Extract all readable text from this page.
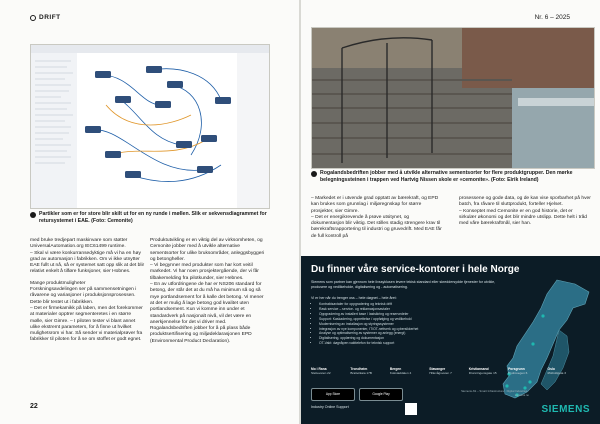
DRIFT
Partikler som er for store blir skilt ut for en ny runde i møllen. Slik er sekvensdiagrammet for retursystemet i EAE. (Foto: Cemonite)

med bruke tredjepart maskinvare som støtter UniversalAutomation.org IEC61499 runtime.

– Skal vi være konkurransedyktige må vi ha en høy grad av automasjon i fabrikken. Om vi ikke utnytter EAE fullt ut nå, så er systemet satt opp slik at det blir relativt enkelt å tilføre funksjoner, sier Hobnes.

Mange produktmuligheter

Forskningsavdelingen ser på sammensetningen i råvarene og variasjoner i produksjonsprosessen. Dette blir testet ut i fabrikken.

– Det er firmekamikk på laben, men det forekommer at materialer opptrer segmenteretes i en større mølle, sier Gimre. – I piloten tester vi blant annet ulike ekstremt parameters, for å finne ut hvilket mulighetsrom vi har. Så sender vi materialprøver fra fabrikker til piloten for å se om stoffet er godt egnet.

Produktutvikling er en viktig del av virksomheten, og Cemonite jobber med å utvikle alternative sementsorter for ulike bruksområder, anleggsbyggeri og betongheller.

– Vi begynner med produkter som har kort veitil markedet. Vi har noen prosjektergående, der vi får tilbakemelding fra pilotkunder, sier Hebnes.

– En av utfordringene de har er NS206 standard for betong, der står det at du må ha minimum så og så mye portlandsement for å kalle det betong. Vi mener at det er mulig å lage betong god kvalitet uten portlandsement. Kun vi komme inn under et standardverk på nasjonalt nivå, vil det være en anerkjennelse for det vi driver med.

Rogalandsbedriften jobber for å på plass både produktsertifisering og miljødeklarasjonen EPD (Environmental Product Declaration).

22
Nr. 6 – 2025
Rogalandsbedriften jobber med å utvikle alternative sementsorter for flere produktgrupper. Den mørke belegningssteinen i trappen ved Hartvig Nissen skole er «cemonite». (Foto: Eirik Ireland)

– Markedet er i utvende grad opptatt av bærekraft, og EPD kan brukes som grunnlag i miljøregnskap for større prosjekter, sier Gimre.

– Det er energikrevende å prøve utsitynet, og dokumentasjon blir viktig. Det stilles stadig strengere krav til bærekraftsrapportering til industri og gruvedrift. Med EAE får de full kontroll på

prosessene og gode data, og de kan vise sporbarhet på hver batch, fra råvare til sluttprodukt, forteller Hjelset.

– Konseptet med Cemonite er en god historie, det er sirkulær økonomi og det blir mindre utslipp. Dette helt i tråd med våre bærekraftmål, sier han.

Du finner våre service-kontorer i hele Norge
Siemens som partner kan gjennom hele livssyklusen levere tekisk standard eller skreddersydde tjenester for utvikle, produsere og vedlikeholde, digitalisering og - automatisering.
Vi er her når du trenger oss – hele døgnet – hele året:
• Kontraktsavtaler for oppgradering og teknisk drift
• Rask service – service- og reklamasjonsavtaler
• Oppgradering av installert base / lastsikring og reservedeler
• Support: Kaskadering, opprettelse / oppfølging og vedlikehold
• Modernisering av installasjon og styringssystemer
• Integrasjon av nye komponenter, IT/OT-nettverk og cybersikkerhet
• Analyse og optimalisering av systemer og anlegg (energi)
• Digitalisering, opplæring og dokumentasjon
• OT-Vakt: døgnåpen vakttelefon for teknisk support
Mo i Rana
Sletteveien 22
Trondheim
Brattørkaia 17B
Bergen
Kokstaddalen 4
Stavanger
Hillevågsveien 7
Kristiansand
Dronningensgate 15
Porsgrunn
Hydrovegen 6
Oslo
Østfoldgata 3
App Store	Google Play
Industry Online Support
Siemens AS – Smart Infrastructure · Digital Industries · siemens.no
SIEMENS
